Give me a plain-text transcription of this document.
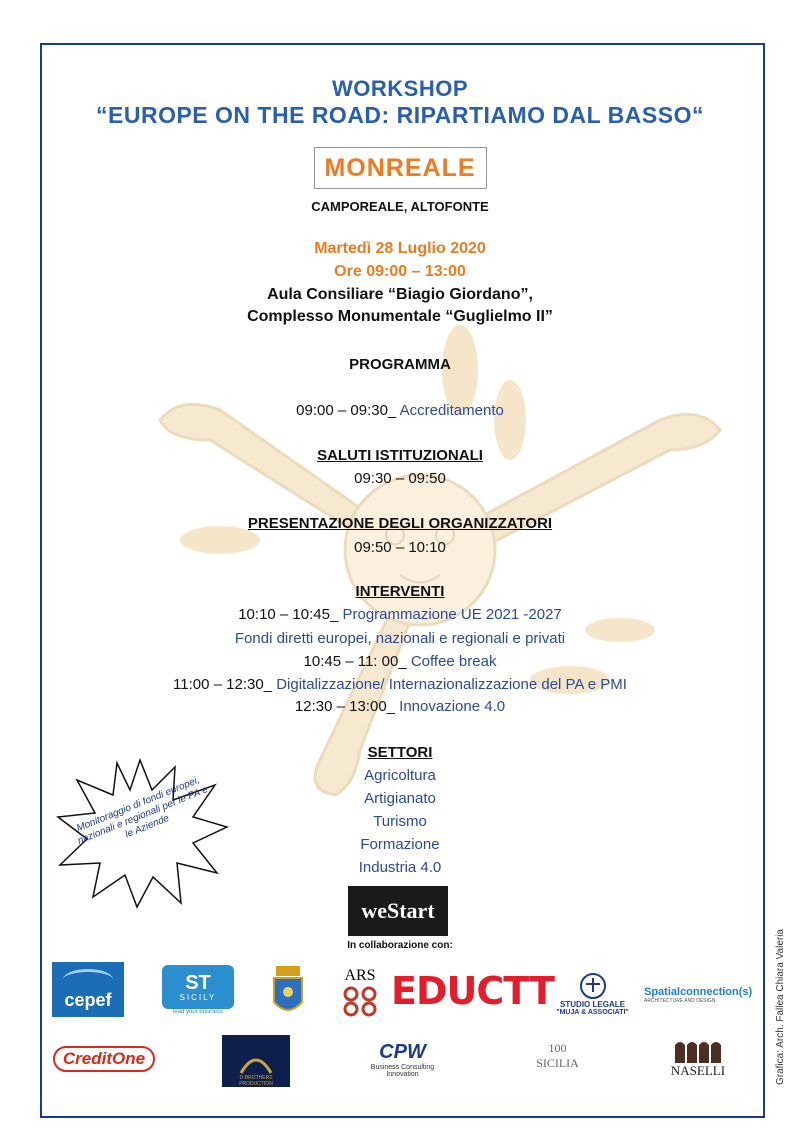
WORKSHOP
“EUROPE ON THE ROAD: RIPARTIAMO DAL BASSO“
MONREALE
CAMPOREALE, ALTOFONTE
Martedì 28 Luglio 2020
Ore 09:00 – 13:00
Aula Consiliare “Biagio Giordano”,
Complesso Monumentale “Guglielmo II”
PROGRAMMA
09:00 – 09:30_ Accreditamento
SALUTI ISTITUZIONALI
09:30 – 09:50
PRESENTAZIONE DEGLI ORGANIZZATORI
09:50 – 10:10
INTERVENTI
10:10 – 10:45_ Programmazione UE 2021 -2027
Fondi diretti europei, nazionali e regionali e privati
10:45 – 11: 00_ Coffee break
11:00 – 12:30_ Digitalizzazione/ Internazionalizzazione del PA e PMI
12:30 – 13:00_ Innovazione 4.0
SETTORI
Agricoltura
Artigianato
Turismo
Formazione
Industria 4.0
Monitoraggio di fondi europei, nazionali e regionali per le PA e le Aziende
weStart
In collaborazione con:
cepef
ST
SICILY
lead your business
ARS EDUCTT STUDIO LEGALE
"MUJA & ASSOCIATI"
Spatialconnection(s)
ARCHITECTURE AND DESIGN
CreditOne
D-BROTHERS PRODUCTION
CPW
Business Consulting
Innovation
100
SICILIA	NASELLI	Grafica: Arch. Fallea Chiara Valeria
